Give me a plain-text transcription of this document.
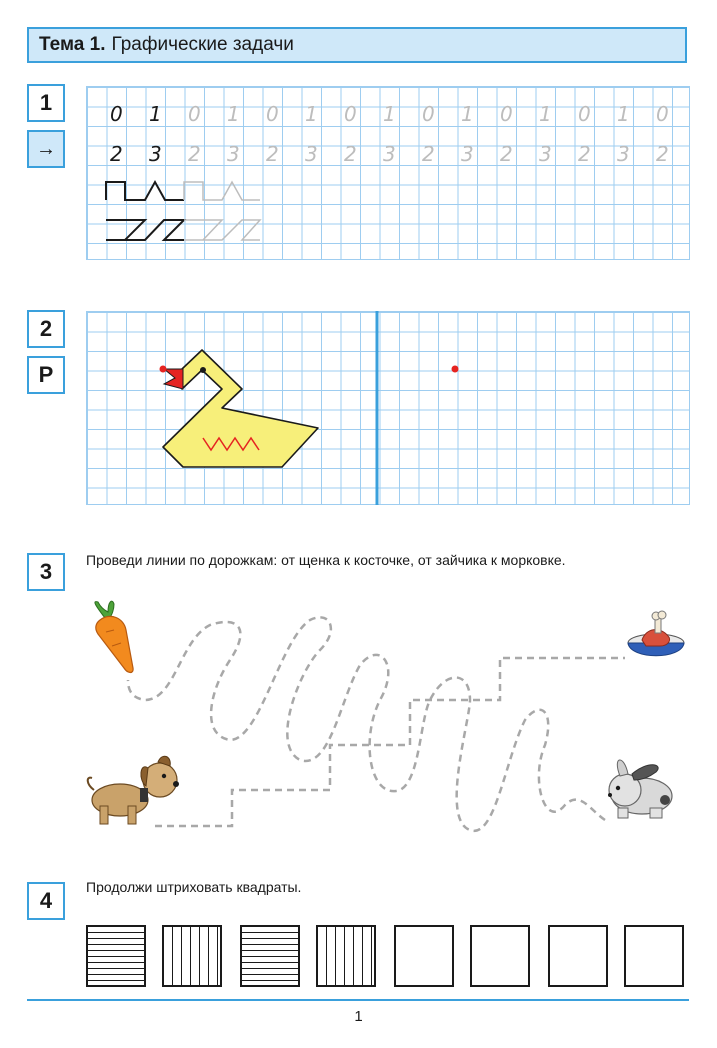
Тема 1. Графические задачи
1
→
0 1 0 1 0 1 0 1 0 1 0 1 0 1 0
2 3 2 3 2 3 2 3 2 3 2 3 2 3 2
2
Р
3	Проведи линии по дорожкам: от щенка к косточке, от зайчика к морковке.
4
Продолжи штриховать квадраты.
1
